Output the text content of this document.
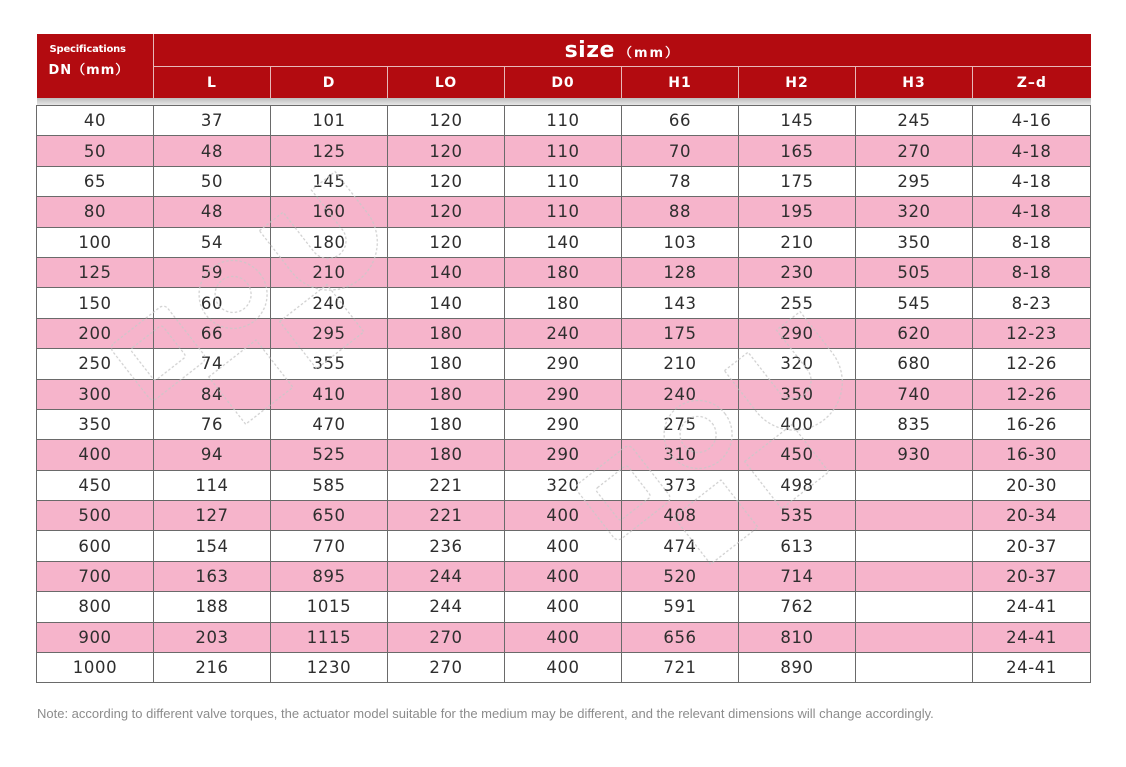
Specifications
DN（mm）	size （mm）							
	L	D	LO	D0	H1	H2	H3	Z–d

40	37	101	120	110	66	145	245	4-16
50	48	125	120	110	70	165	270	4-18
65	50	145	120	110	78	175	295	4-18
80	48	160	120	110	88	195	320	4-18
100	54	180	120	140	103	210	350	8-18
125	59	210	140	180	128	230	505	8-18
150	60	240	140	180	143	255	545	8-23
200	66	295	180	240	175	290	620	12-23
250	74	355	180	290	210	320	680	12-26
300	84	410	180	290	240	350	740	12-26
350	76	470	180	290	275	400	835	16-26
400	94	525	180	290	310	450	930	16-30
450	114	585	221	320	373	498		20-30
500	127	650	221	400	408	535		20-34
600	154	770	236	400	474	613		20-37
700	163	895	244	400	520	714		20-37
800	188	1015	244	400	591	762		24-41
900	203	1115	270	400	656	810		24-41
1000	216	1230	270	400	721	890		24-41
Note: according to different valve torques, the actuator model suitable for the medium may be different, and the relevant dimensions will change accordingly.
